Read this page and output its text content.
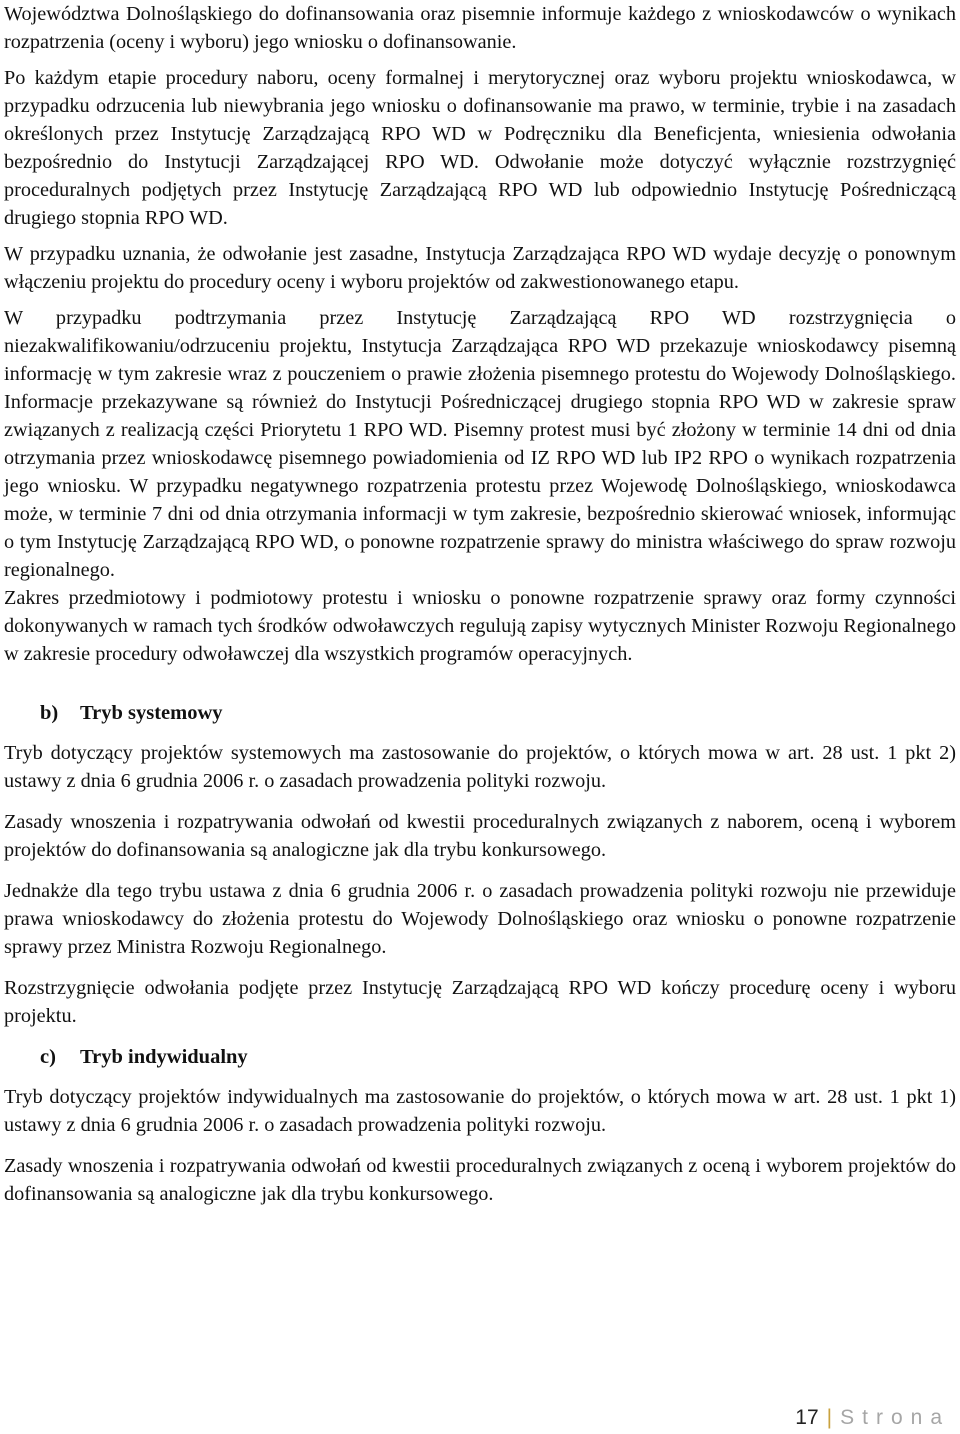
Województwa Dolnośląskiego do dofinansowania oraz pisemnie informuje każdego z wnioskodawców o wynikach rozpatrzenia (oceny i wyboru) jego wniosku o dofinansowanie.

Po każdym etapie procedury naboru, oceny formalnej i merytorycznej oraz wyboru projektu wnioskodawca, w przypadku odrzucenia lub niewybrania jego wniosku o dofinansowanie ma prawo, w terminie, trybie i na zasadach określonych przez Instytucję Zarządzającą RPO WD w Podręczniku dla Beneficjenta, wniesienia odwołania bezpośrednio do Instytucji Zarządzającej RPO WD. Odwołanie może dotyczyć wyłącznie rozstrzygnięć proceduralnych podjętych przez Instytucję Zarządzającą RPO WD lub odpowiednio Instytucję Pośredniczącą drugiego stopnia RPO WD.

W przypadku uznania, że odwołanie jest zasadne, Instytucja Zarządzająca RPO WD wydaje decyzję o ponownym włączeniu projektu do procedury oceny i wyboru projektów od zakwestionowanego etapu.

W przypadku podtrzymania przez Instytucję Zarządzającą RPO WD rozstrzygnięcia o niezakwalifikowaniu/odrzuceniu projektu, Instytucja Zarządzająca RPO WD przekazuje wnioskodawcy pisemną informację w tym zakresie wraz z pouczeniem o prawie złożenia pisemnego protestu do Wojewody Dolnośląskiego. Informacje przekazywane są również do Instytucji Pośredniczącej drugiego stopnia RPO WD w zakresie spraw związanych z realizacją części Priorytetu 1 RPO WD. Pisemny protest musi być złożony w terminie 14 dni od dnia otrzymania przez wnioskodawcę pisemnego powiadomienia od IZ RPO WD lub IP2 RPO o wynikach rozpatrzenia jego wniosku. W przypadku negatywnego rozpatrzenia protestu przez Wojewodę Dolnośląskiego, wnioskodawca może, w terminie 7 dni od dnia otrzymania informacji w tym zakresie, bezpośrednio skierować wniosek, informując o tym Instytucję Zarządzającą RPO WD, o ponowne rozpatrzenie sprawy do ministra właściwego do spraw rozwoju regionalnego.

Zakres przedmiotowy i podmiotowy protestu i wniosku o ponowne rozpatrzenie sprawy oraz formy czynności dokonywanych w ramach tych środków odwoławczych regulują zapisy wytycznych Minister Rozwoju Regionalnego w zakresie procedury odwoławczej dla wszystkich programów operacyjnych.

b) Tryb systemowy

Tryb dotyczący projektów systemowych ma zastosowanie do projektów, o których mowa w art. 28 ust. 1 pkt 2) ustawy z dnia 6 grudnia 2006 r. o zasadach prowadzenia polityki rozwoju.

Zasady wnoszenia i rozpatrywania odwołań od kwestii proceduralnych związanych z naborem, oceną i wyborem projektów do dofinansowania są analogiczne jak dla trybu konkursowego.

Jednakże dla tego trybu ustawa z dnia 6 grudnia 2006 r. o zasadach prowadzenia polityki rozwoju nie przewiduje prawa wnioskodawcy do złożenia protestu do Wojewody Dolnośląskiego oraz wniosku o ponowne rozpatrzenie sprawy przez Ministra Rozwoju Regionalnego.

Rozstrzygnięcie odwołania podjęte przez Instytucję Zarządzającą RPO WD kończy procedurę oceny i wyboru projektu.

c) Tryb indywidualny

Tryb dotyczący projektów indywidualnych ma zastosowanie do projektów, o których mowa w art. 28 ust. 1 pkt 1) ustawy z dnia 6 grudnia 2006 r. o zasadach prowadzenia polityki rozwoju.

Zasady wnoszenia i rozpatrywania odwołań od kwestii proceduralnych związanych z oceną i wyborem projektów do dofinansowania są analogiczne jak dla trybu konkursowego.

17 | Strona
